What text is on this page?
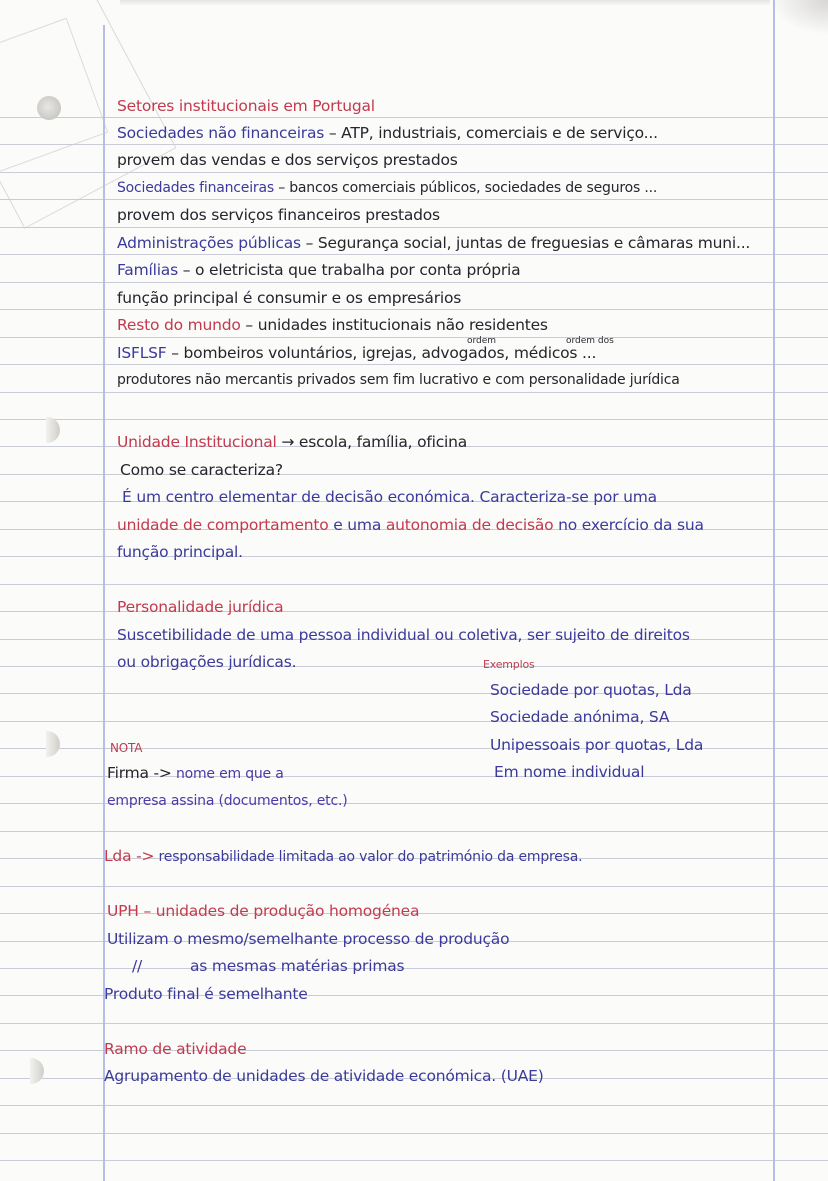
Setores institucionais em Portugal
Sociedades não financeiras – ATP, industriais, comerciais e de serviço...
provem das vendas e dos serviços prestados
Sociedades financeiras – bancos comerciais públicos, sociedades de seguros ...
provem dos serviços financeiros prestados
Administrações públicas – Segurança social, juntas de freguesias e câmaras muni...
Famílias – o eletricista que trabalha por conta própria
função principal é consumir e os empresários
Resto do mundo – unidades institucionais não residentes
ordem	ordem dos
ISFLSF – bombeiros voluntários, igrejas, advogados, médicos ...
produtores não mercantis privados sem fim lucrativo e com personalidade jurídica
Unidade Institucional → escola, família, oficina
Como se caracteriza?
É um centro elementar de decisão económica. Caracteriza-se por uma
unidade de comportamento e uma autonomia de decisão no exercício da sua
função principal.
Personalidade jurídica
Suscetibilidade de uma pessoa individual ou coletiva, ser sujeito de direitos
ou obrigações jurídicas.	Exemplos
Sociedade por quotas, Lda
Sociedade anónima, SA
Unipessoais por quotas, Lda
Em nome individual
NOTA
Firma -> nome em que a
empresa assina (documentos, etc.)
Lda -> responsabilidade limitada ao valor do património da empresa.
UPH – unidades de produção homogénea
Utilizam o mesmo/semelhante processo de produção
//	as mesmas matérias primas
Produto final é semelhante
Ramo de atividade
Agrupamento de unidades de atividade económica. (UAE)
